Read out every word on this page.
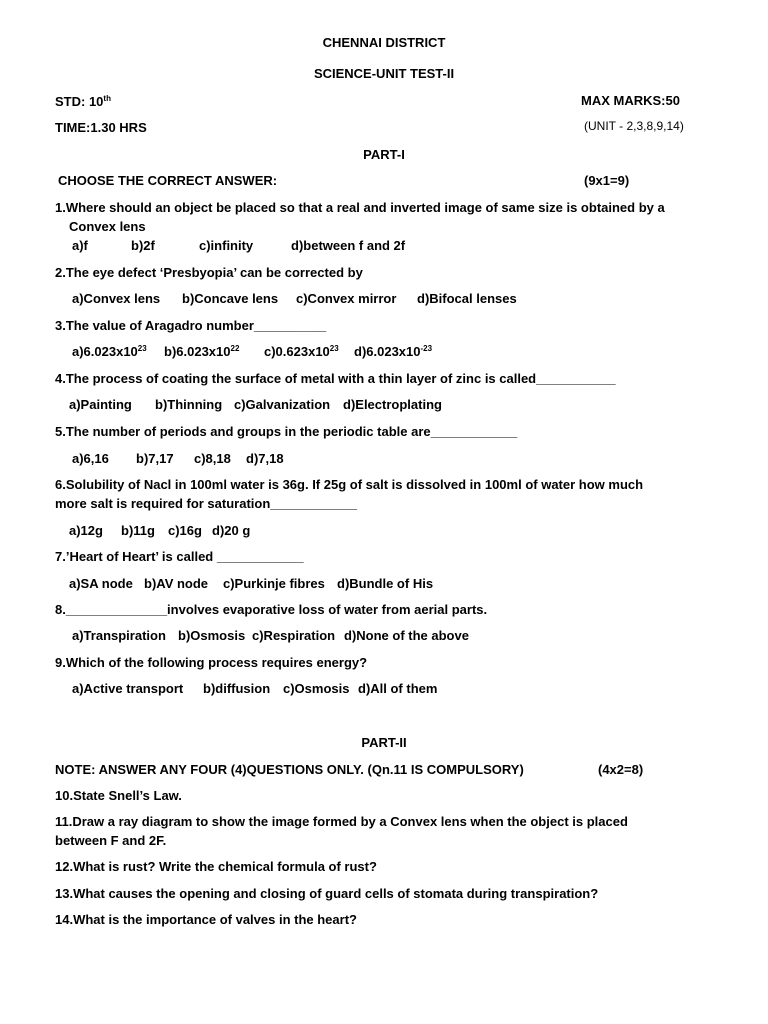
CHENNAI DISTRICT
SCIENCE-UNIT TEST-II
STD: 10th	MAX MARKS:50
TIME:1.30 HRS	(UNIT - 2,3,8,9,14)
PART-I
CHOOSE THE CORRECT ANSWER:	(9x1=9)
1.Where should an object be placed so that a real and inverted image of same size is obtained by a
Convex lens
a)f	b)2f	c)infinity	d)between f and 2f
2.The eye defect ‘Presbyopia’ can be corrected by
a)Convex lens b)Concave lens c)Convex mirror d)Bifocal lenses
3.The value of Aragadro number__________
$a)6.023x10^{23}$ $b)6.023x10^{22}$ $c)0.623x10^{23}$ $d)6.023x10^{-23}$
4.The process of coating the surface of metal with a thin layer of zinc is called___________
a)Painting b)Thinning c)Galvanization d)Electroplating
5.The number of periods and groups in the periodic table are____________
a)6,16 b)7,17 c)8,18 d)7,18
6.Solubility of Nacl in 100ml water is 36g. If 25g of salt is dissolved in 100ml of water how much
more salt is required for saturation____________
a)12g b)11g c)16g d)20 g
7.’Heart of Heart’ is called ____________
a)SA node b)AV node c)Purkinje fibres d)Bundle of His
8.______________involves evaporative loss of water from aerial parts.
a)Transpiration b)Osmosis c)Respiration d)None of the above
9.Which of the following process requires energy?
a)Active transport b)diffusion c)Osmosis d)All of them
PART-II
NOTE: ANSWER ANY FOUR (4)QUESTIONS ONLY. (Qn.11 IS COMPULSORY)	(4x2=8)
10.State Snell’s Law.
11.Draw a ray diagram to show the image formed by a Convex lens when the object is placed
between F and 2F.
12.What is rust? Write the chemical formula of rust?
13.What causes the opening and closing of guard cells of stomata during transpiration?
14.What is the importance of valves in the heart?
